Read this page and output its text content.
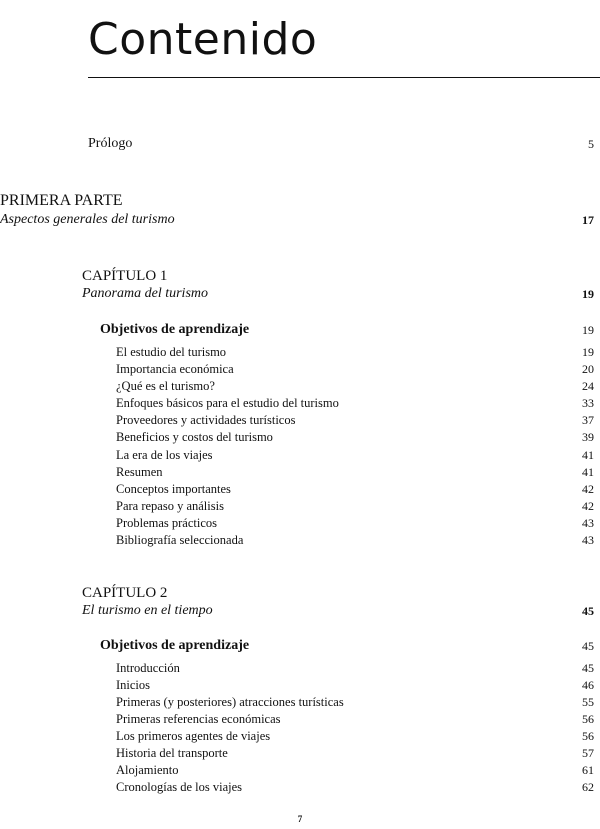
Contenido
Prólogo	5
PRIMERA PARTE
Aspectos generales del turismo	17
CAPÍTULO 1
Panorama del turismo	19
Objetivos de aprendizaje	19
El estudio del turismo	19
Importancia económica	20
¿Qué es el turismo?	24
Enfoques básicos para el estudio del turismo	33
Proveedores y actividades turísticos	37
Beneficios y costos del turismo	39
La era de los viajes	41
Resumen	41
Conceptos importantes	42
Para repaso y análisis	42
Problemas prácticos	43
Bibliografía seleccionada	43
CAPÍTULO 2
El turismo en el tiempo	45
Objetivos de aprendizaje	45
Introducción	45
Inicios	46
Primeras (y posteriores) atracciones turísticas	55
Primeras referencias económicas	56
Los primeros agentes de viajes	56
Historia del transporte	57
Alojamiento	61
Cronologías de los viajes	62
7
